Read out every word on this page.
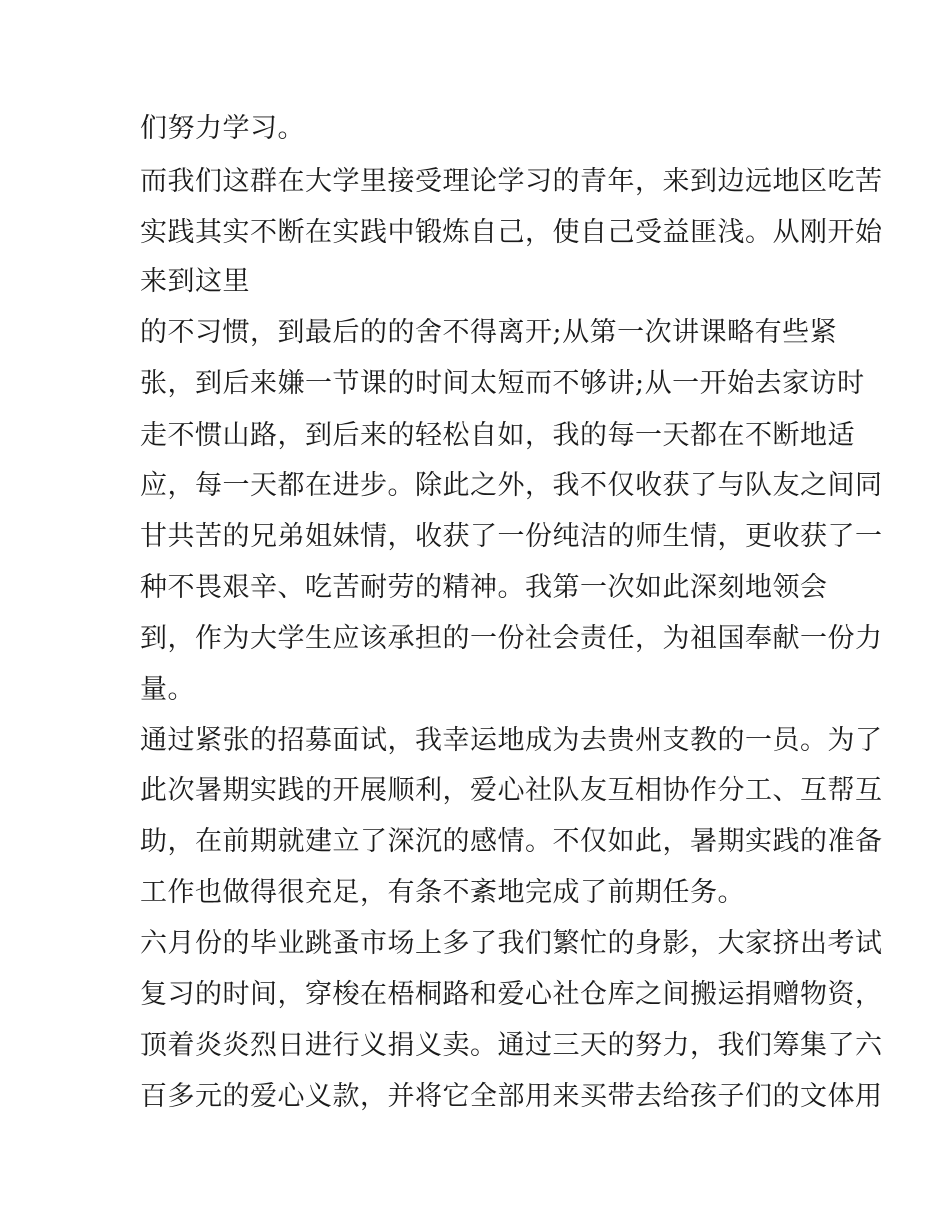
们努力学习。
而我们这群在大学里接受理论学习的青年，来到边远地区吃苦
实践其实不断在实践中锻炼自己，使自己受益匪浅。从刚开始
来到这里
的不习惯，到最后的的舍不得离开;从第一次讲课略有些紧
张，到后来嫌一节课的时间太短而不够讲;从一开始去家访时
走不惯山路，到后来的轻松自如，我的每一天都在不断地适
应，每一天都在进步。除此之外，我不仅收获了与队友之间同
甘共苦的兄弟姐妹情，收获了一份纯洁的师生情，更收获了一
种不畏艰辛、吃苦耐劳的精神。我第一次如此深刻地领会
到，作为大学生应该承担的一份社会责任，为祖国奉献一份力
量。
通过紧张的招募面试，我幸运地成为去贵州支教的一员。为了
此次暑期实践的开展顺利，爱心社队友互相协作分工、互帮互
助，在前期就建立了深沉的感情。不仅如此，暑期实践的准备
工作也做得很充足，有条不紊地完成了前期任务。
六月份的毕业跳蚤市场上多了我们繁忙的身影，大家挤出考试
复习的时间，穿梭在梧桐路和爱心社仓库之间搬运捐赠物资，
顶着炎炎烈日进行义捐义卖。通过三天的努力，我们筹集了六
百多元的爱心义款，并将它全部用来买带去给孩子们的文体用
